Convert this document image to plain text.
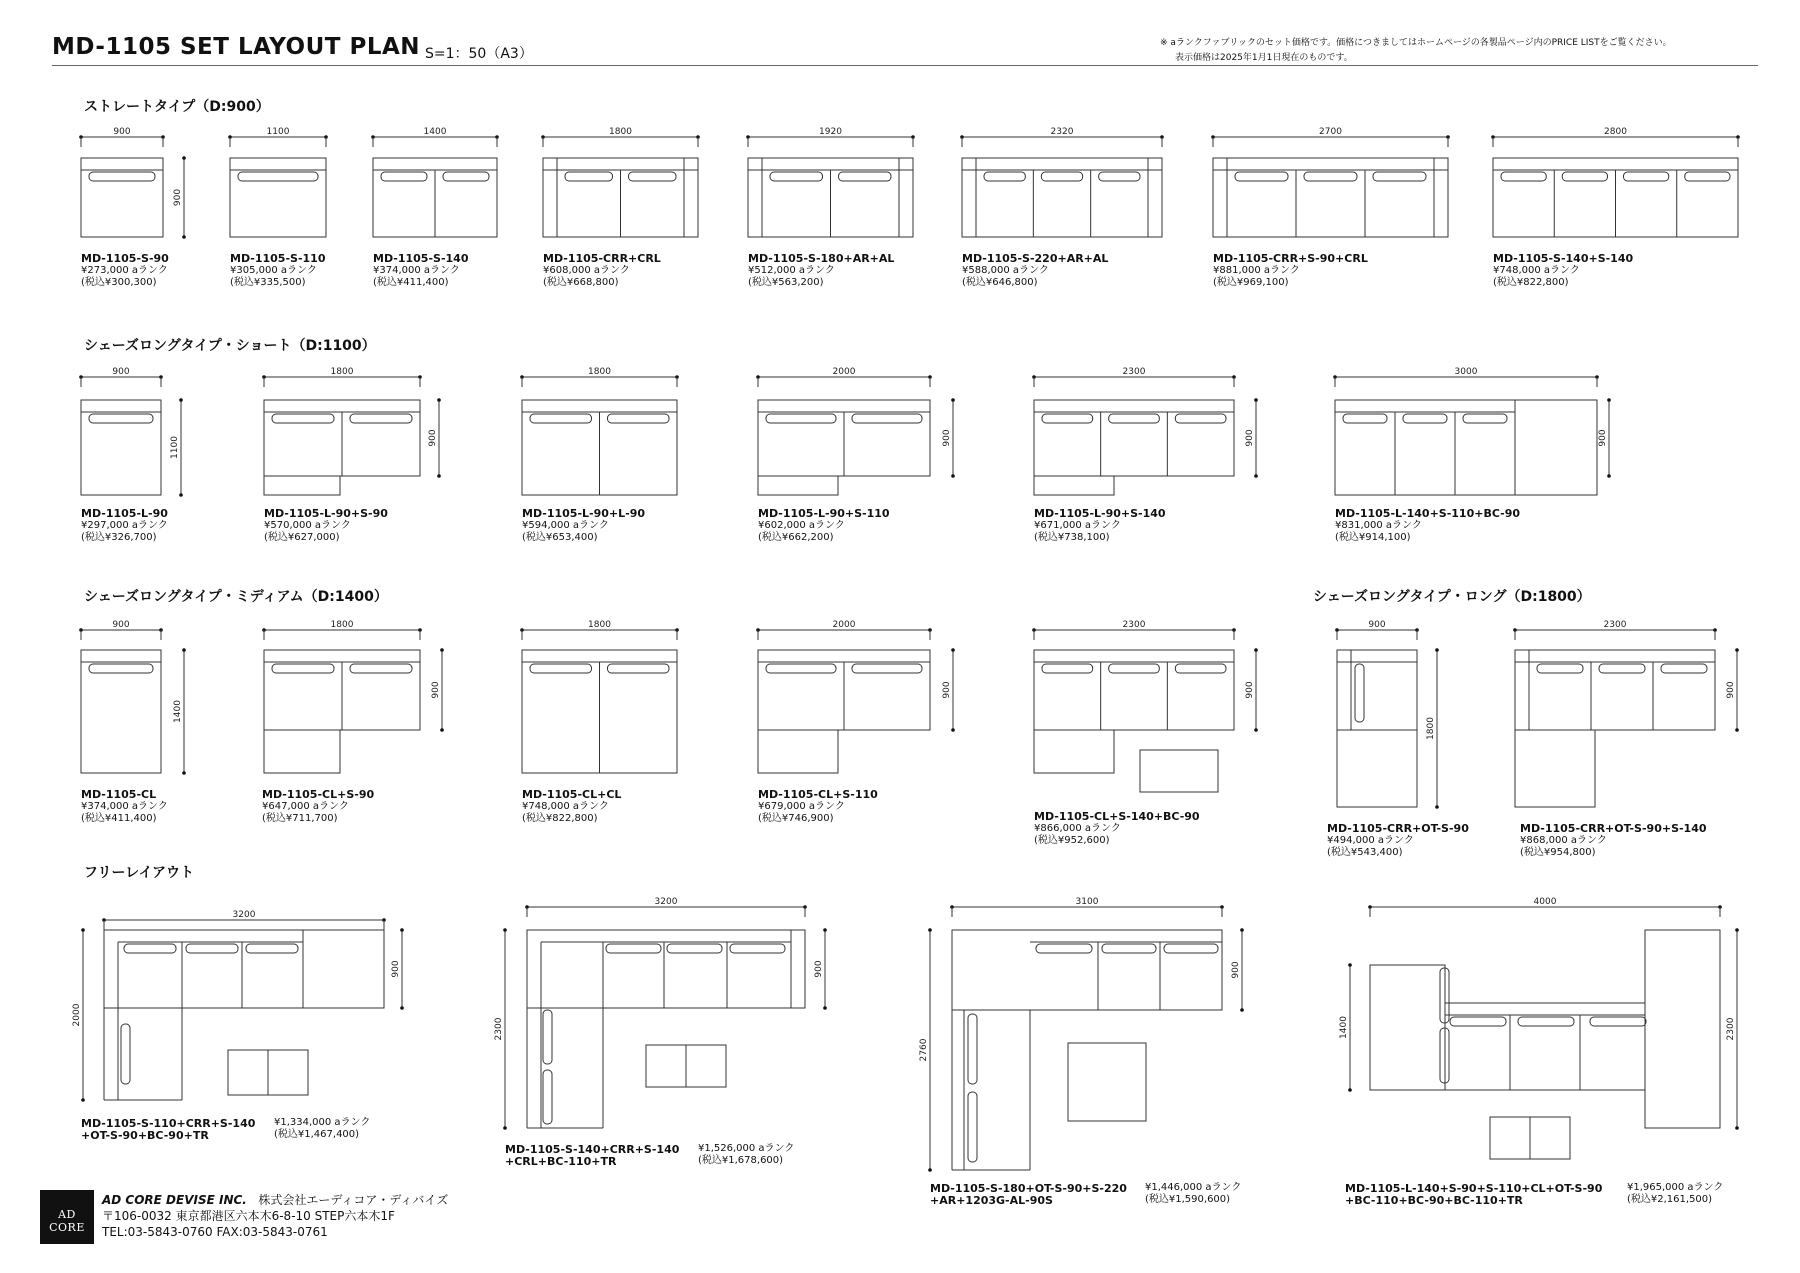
MD-1105 SET LAYOUT PLAN S=1：50（A3）
※ aランクファブリックのセット価格です。価格につきましてはホームページの各製品ページ内のPRICE LISTをご覧ください。
表示価格は2025年1月1日現在のものです。
ストレートタイプ（D:900）
シェーズロングタイプ・ショート（D:1100）
シェーズロングタイプ・ミディアム（D:1400）	シェーズロングタイプ・ロング（D:1800）
フリーレイアウト
900	1100	1400	1800	1920	2320	2700	2800
900
900
1100
1800
900
1800	2000
900
2300
900
3000
900
900
1400
1800
900
1800	2000
900
2300
900
900
1800
2300
900
3200
900
2000
3200
900
2300
3100
900
2760
4000
1400	2300
MD-1105-S-90
¥273,000 aランク
(税込¥300,300)
MD-1105-S-110
¥305,000 aランク
(税込¥335,500)
MD-1105-S-140
¥374,000 aランク
(税込¥411,400)
MD-1105-CRR+CRL
¥608,000 aランク
(税込¥668,800)
MD-1105-S-180+AR+AL
¥512,000 aランク
(税込¥563,200)
MD-1105-S-220+AR+AL
¥588,000 aランク
(税込¥646,800)
MD-1105-CRR+S-90+CRL
¥881,000 aランク
(税込¥969,100)
MD-1105-S-140+S-140
¥748,000 aランク
(税込¥822,800)
MD-1105-L-90
¥297,000 aランク
(税込¥326,700)
MD-1105-L-90+S-90
¥570,000 aランク
(税込¥627,000)
MD-1105-L-90+L-90
¥594,000 aランク
(税込¥653,400)
MD-1105-L-90+S-110
¥602,000 aランク
(税込¥662,200)
MD-1105-L-90+S-140
¥671,000 aランク
(税込¥738,100)
MD-1105-L-140+S-110+BC-90
¥831,000 aランク
(税込¥914,100)
MD-1105-CL
¥374,000 aランク
(税込¥411,400)
MD-1105-CL+S-90
¥647,000 aランク
(税込¥711,700)
MD-1105-CL+CL
¥748,000 aランク
(税込¥822,800)
MD-1105-CL+S-110
¥679,000 aランク
(税込¥746,900)	MD-1105-CL+S-140+BC-90
¥866,000 aランク
(税込¥952,600)
MD-1105-CRR+OT-S-90
¥494,000 aランク
(税込¥543,400)
MD-1105-CRR+OT-S-90+S-140
¥868,000 aランク
(税込¥954,800)
MD-1105-S-110+CRR+S-140
+OT-S-90+BC-90+TR
¥1,334,000 aランク
(税込¥1,467,400)
MD-1105-S-140+CRR+S-140
+CRL+BC-110+TR
¥1,526,000 aランク
(税込¥1,678,600)
MD-1105-S-180+OT-S-90+S-220
+AR+1203G-AL-90S
¥1,446,000 aランク
(税込¥1,590,600)
MD-1105-L-140+S-90+S-110+CL+OT-S-90
+BC-110+BC-90+BC-110+TR
¥1,965,000 aランク
(税込¥2,161,500)
AD CORE
AD CORE DEVISE INC. 株式会社エーディコア・ディバイズ
〒106-0032 東京都港区六本木6-8-10 STEP六本木1F
TEL:03-5843-0760 FAX:03-5843-0761
